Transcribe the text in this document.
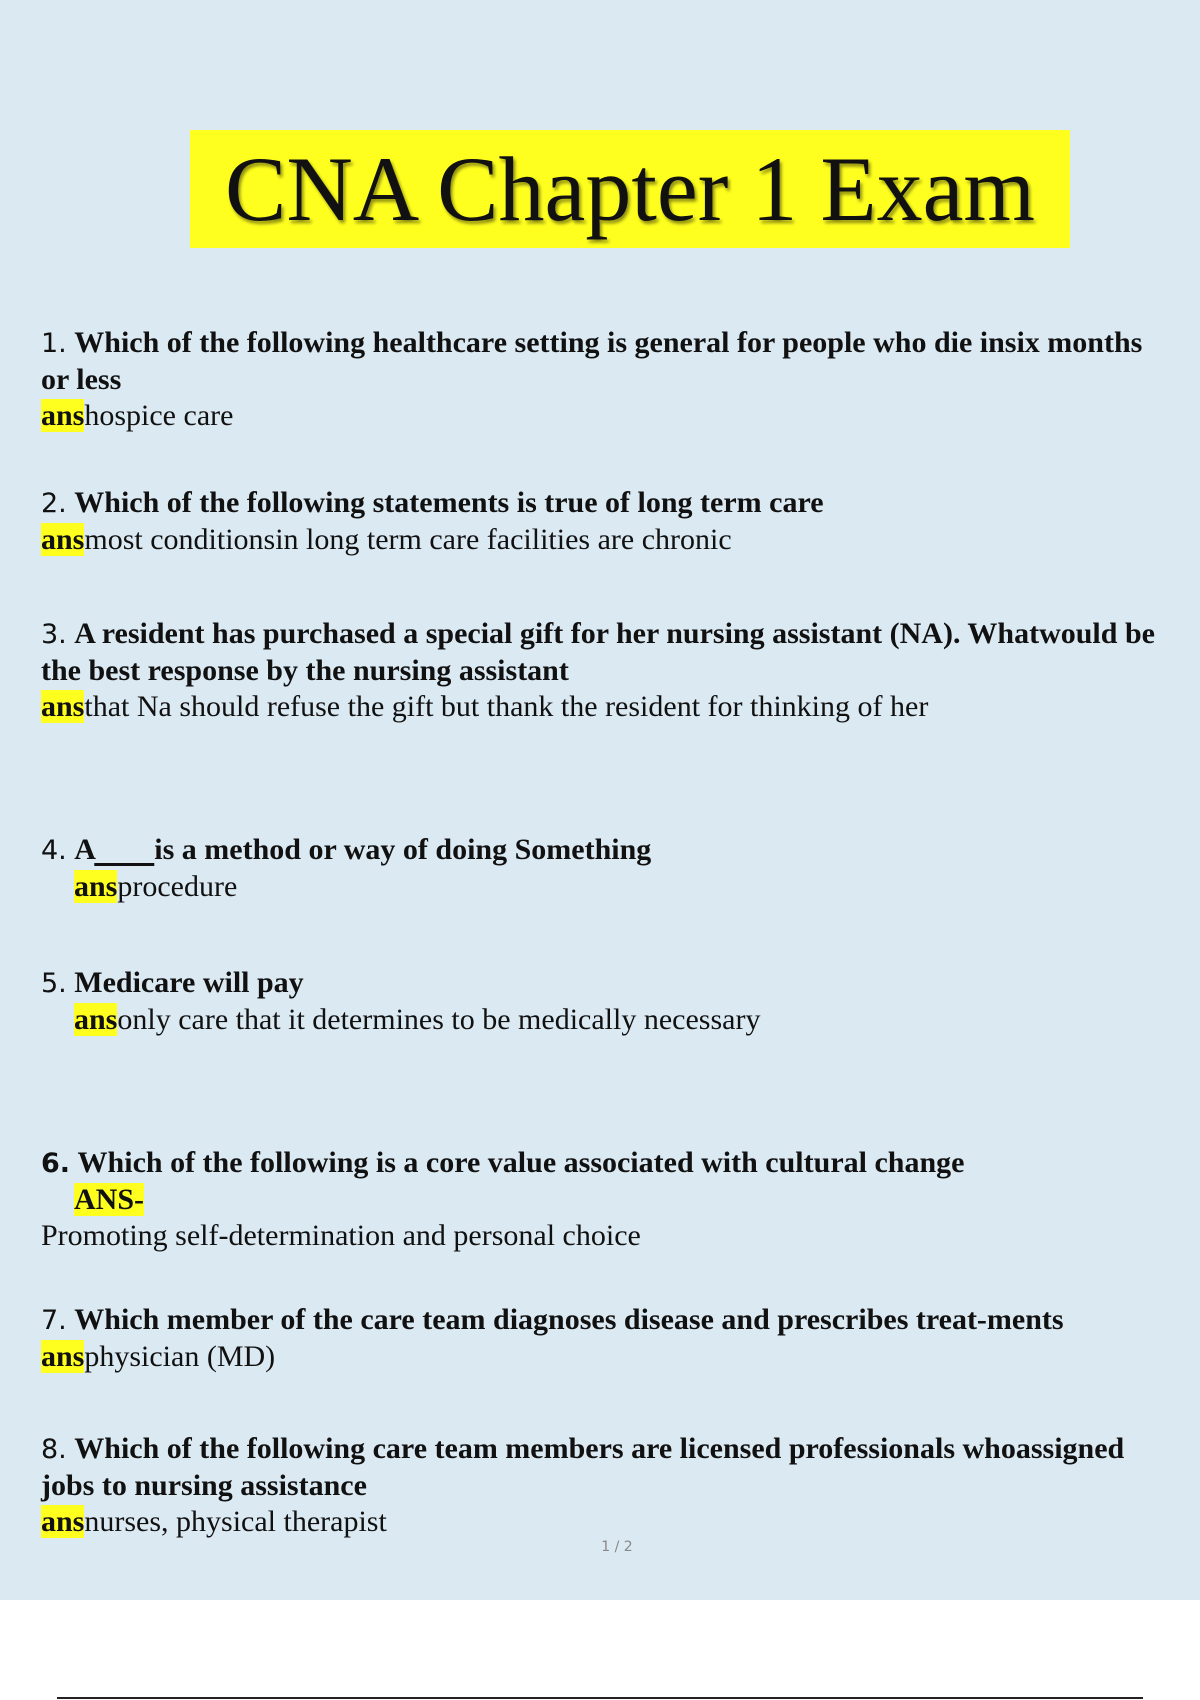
CNA Chapter 1 Exam

1. Which of the following healthcare setting is general for people who die insix months or less

anshospice care

2. Which of the following statements is true of long term care

ansmost conditionsin long term care facilities are chronic

3. A resident has purchased a special gift for her nursing assistant (NA). Whatwould be the best response by the nursing assistant

ansthat Na should refuse the gift but thank the resident for thinking of her

4. A is a method or way of doing Something

ansprocedure

5. Medicare will pay

ansonly care that it determines to be medically necessary

6. Which of the following is a core value associated with cultural change

ANS-

Promoting self-determination and personal choice

7. Which member of the care team diagnoses disease and prescribes treat-ments

ansphysician (MD)

8. Which of the following care team members are licensed professionals whoassigned jobs to nursing assistance

ansnurses, physical therapist

1 / 2
